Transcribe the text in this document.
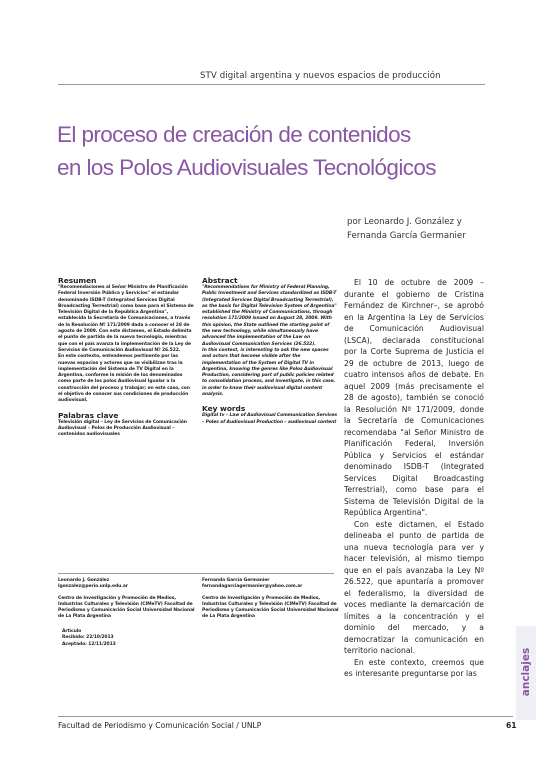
STV digital argentina y nuevos espacios de producción
El proceso de creación de contenidos
en los Polos Audiovisuales Tecnológicos
por Leonardo J. González y
Fernanda García Germanier
Resumen
"Recomendaciones al Señor Ministro de Planificación Federal Inversión Pública y Servicios" el estándar denominado ISDB-T (Integrated Services Digital Broadcasting Terrestrial) como base para el Sistema de Televisión Digital de la República Argentina", establecida la Secretaría de Comunicaciones, a través de la Resolución Nº 171/2009 dada a conocer el 28 de agosto de 2009. Con este dictamen, el Estado delimita el punto de partida de la nueva tecnología, mientras que con el país avanza la implementación de la Ley de Servicios de Comunicación Audiovisual Nº 26.522.
En este contexto, entendemos pertinente por las nuevas espacios y actores que se visibilizan tras la implementación del Sistema de TV Digital en la Argentina, conforme la misión de los denominados como parte de los polos Audiovisual Igualar a la construcción del proceso y trabajar; en este caso, con el objetivo de conocer sus condiciones de producción audiovisual.
Palabras clave
Televisión digital – Ley de Servicios de Comunicación Audiovisual – Polos de Producción Audiovisual – contenidos audiovisuales
Abstract
"Recommendations for Ministry of Federal Planning, Public Investment and Services standardized as ISDB-T (Integrated Services Digital Broadcasting Terrestrial), as the basis for Digital Television System of Argentina" established the Ministry of Communications, through resolution 171/2009 issued on August 28, 2009. With this opinion, the State outlined the starting point of the new technology, while simultaneously have advanced the implementation of the Law on Audiovisual Communication Services (26.522).
In this context, is interesting to ask the new spaces and actors that become visible after the implementation of the System of Digital TV in Argentina, knowing the genres like Polos Audiovisual Production, considering part of public policies related to consolidation process, and investigate, in this case, in order to know their audiovisual digital content analysis.
Key words
Digital tv – Law of Audiovisual Communication Services – Poles of Audiovisual Production – audiovisual content

El 10 de octubre de 2009 –durante el gobierno de Cristina Fernández de Kirchner–, se aprobó en la Argentina la Ley de Servicios de Comunicación Audiovisual (LSCA), declarada constitucional por la Corte Suprema de Justicia el 29 de octubre de 2013, luego de cuatro intensos años de debate. En aquel 2009 (más precisamente el 28 de agosto), también se conoció la Resolución Nº 171/2009, donde la Secretaría de Comunicaciones recomendaba "al Señor Ministro de Planificación Federal, Inversión Pública y Servicios el estándar denominado ISDB-T (Integrated Services Digital Broadcasting Terrestrial), como base para el Sistema de Televisión Digital de la República Argentina".

Con este dictamen, el Estado delineaba el punto de partida de una nueva tecnología para ver y hacer televisión, al mismo tiempo que en el país avanzaba la Ley Nº 26.522, que apuntaría a promover el federalismo, la diversidad de voces mediante la demarcación de límites a la concentración y el dominio del mercado, y a democratizar la comunicación en territorio nacional.

En este contexto, creemos que es interesante preguntarse por las

Leonardo J. González
lgonzalez@perio.unlp.edu.ar
Centro de Investigación y Promoción de Medios, Industrias Culturales y Televisión (CIMeTV) Facultad de Periodismo y Comunicación Social Universidad Nacional de La Plata Argentina
Fernanda García Germanier
fernandagarciagermanier@yahoo.com.ar
Centro de Investigación y Promoción de Medios, Industrias Culturales y Televisión (CIMeTV) Facultad de Periodismo y Comunicación Social Universidad Nacional de La Plata Argentina
Artículo
Recibido: 22/10/2013
Aceptado: 12/11/2013
anclajes
Facultad de Periodismo y Comunicación Social / UNLP	61
